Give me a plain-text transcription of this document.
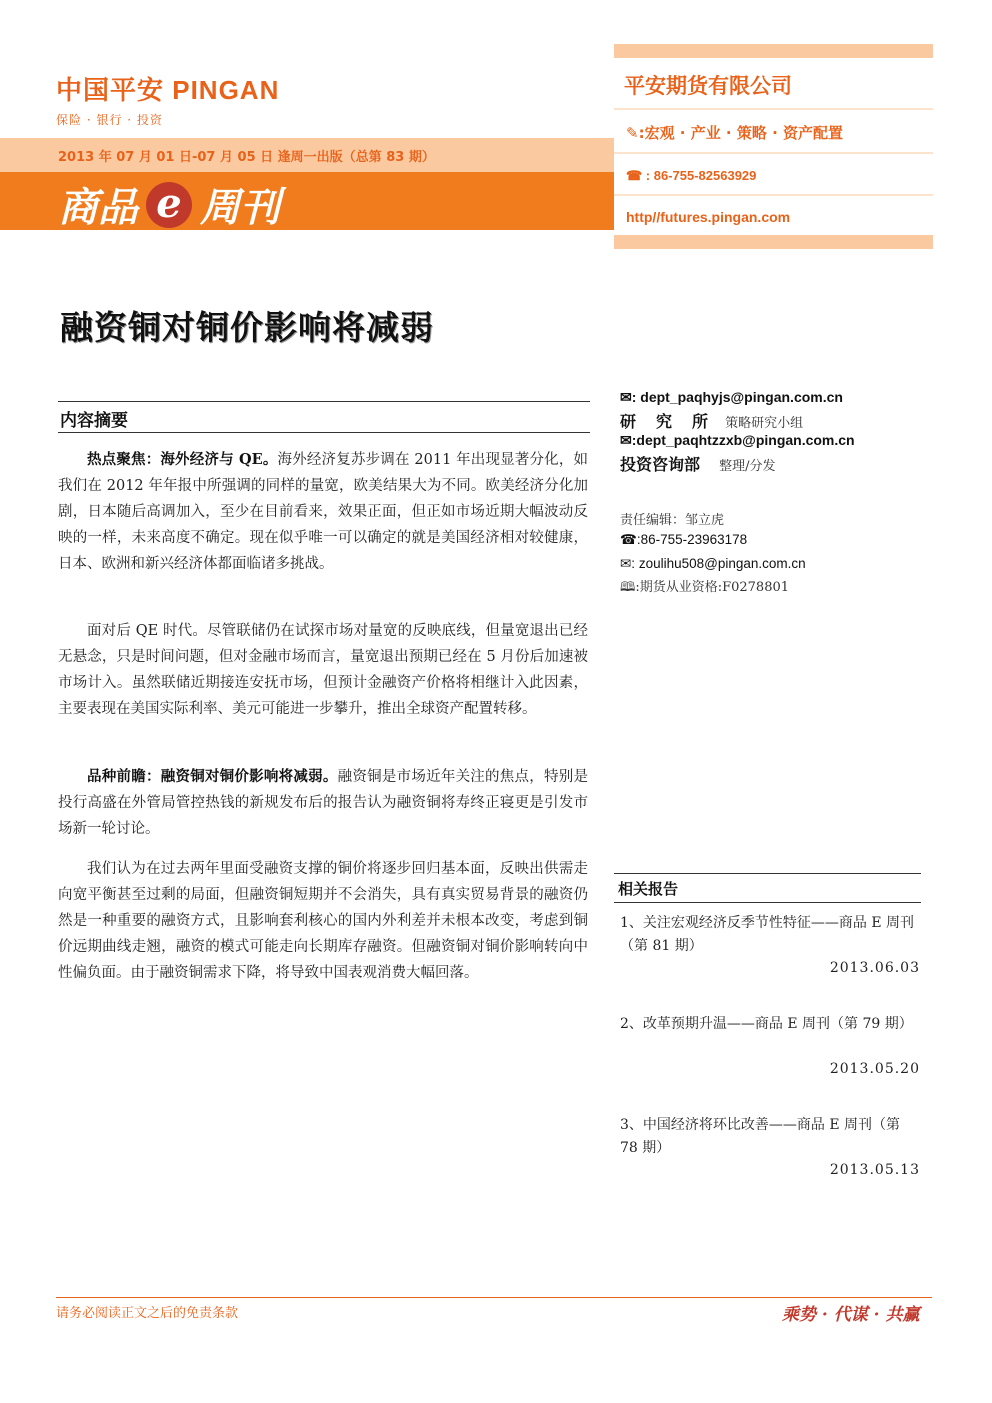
中国平安 PINGAN
保险 · 银行 · 投资
2013 年 07 月 01 日-07 月 05 日 逢周一出版（总第 83 期）
商品 e 周刊
平安期货有限公司
✎:宏观 · 产业 · 策略 · 资产配置
☎ : 86-755-82563929
http//futures.pingan.com
融资铜对铜价影响将减弱
内容摘要
热点聚焦：海外经济与 QE。海外经济复苏步调在 2011 年出现显著分化，如我们在 2012 年年报中所强调的同样的量宽，欧美结果大为不同。欧美经济分化加剧，日本随后高调加入，至少在目前看来，效果正面，但正如市场近期大幅波动反映的一样，未来高度不确定。现在似乎唯一可以确定的就是美国经济相对较健康，日本、欧洲和新兴经济体都面临诸多挑战。
面对后 QE 时代。尽管联储仍在试探市场对量宽的反映底线，但量宽退出已经无悬念，只是时间问题，但对金融市场而言，量宽退出预期已经在 5 月份后加速被市场计入。虽然联储近期接连安抚市场，但预计金融资产价格将相继计入此因素，主要表现在美国实际利率、美元可能进一步攀升，推出全球资产配置转移。
品种前瞻：融资铜对铜价影响将减弱。融资铜是市场近年关注的焦点，特别是投行高盛在外管局管控热钱的新规发布后的报告认为融资铜将寿终正寝更是引发市场新一轮讨论。
我们认为在过去两年里面受融资支撑的铜价将逐步回归基本面，反映出供需走向宽平衡甚至过剩的局面，但融资铜短期并不会消失，具有真实贸易背景的融资仍然是一种重要的融资方式，且影响套利核心的国内外利差并未根本改变，考虑到铜价远期曲线走翘，融资的模式可能走向长期库存融资。但融资铜对铜价影响转向中性偏负面。由于融资铜需求下降，将导致中国表观消费大幅回落。
✉: dept_paqhyjs@pingan.com.cn
研　究　所 策略研究小组
✉:dept_paqhtzzxb@pingan.com.cn
投资咨询部 整理/分发
责任编辑：邹立虎
☎:86-755-23963178
✉: zoulihu508@pingan.com.cn
🕮:期货从业资格:F0278801
相关报告
1、关注宏观经济反季节性特征——商品 E 周刊（第 81 期）
2013.06.03
2、改革预期升温——商品 E 周刊（第 79 期）
2013.05.20
3、中国经济将环比改善——商品 E 周刊（第 78 期）
2013.05.13
请务必阅读正文之后的免责条款	乘势 · 代谋 · 共赢
